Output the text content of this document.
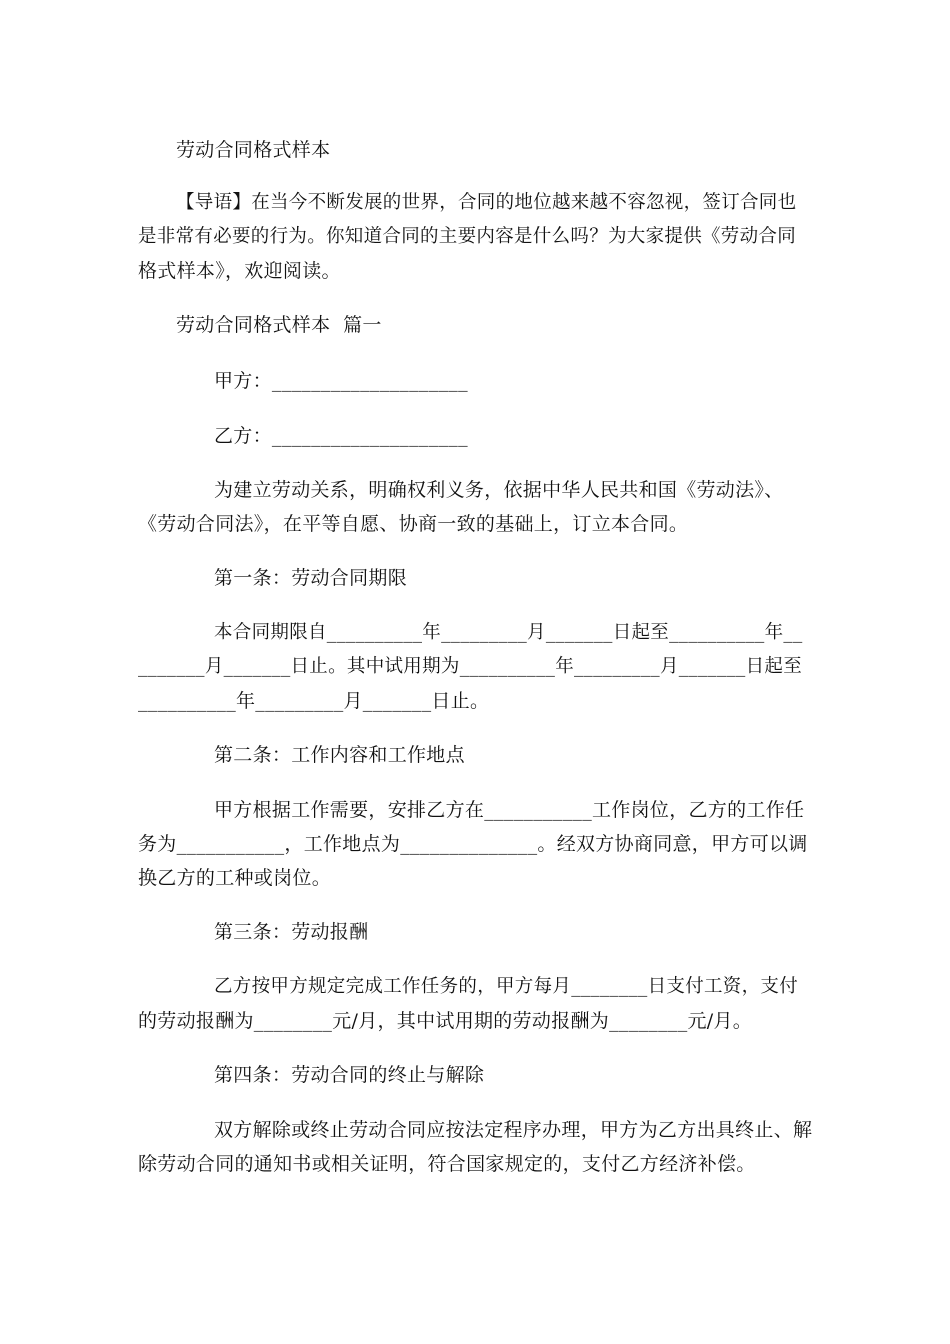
劳动合同格式样本
【导语】在当今不断发展的世界，合同的地位越来越不容忽视，签订合同也
是非常有必要的行为。你知道合同的主要内容是什么吗？为大家提供《劳动合同
格式样本》，欢迎阅读。
劳动合同格式样本  篇一
甲方：____________________
乙方：____________________
为建立劳动关系，明确权利义务，依据中华人民共和国《劳动法》、
《劳动合同法》，在平等自愿、协商一致的基础上，订立本合同。
第一条：劳动合同期限
本合同期限自__________年_________月_______日起至__________年__
_______月_______日止。其中试用期为__________年_________月_______日起至
__________年_________月_______日止。
第二条：工作内容和工作地点
甲方根据工作需要，安排乙方在___________工作岗位，乙方的工作任
务为___________，工作地点为______________。经双方协商同意，甲方可以调
换乙方的工种或岗位。
第三条：劳动报酬
乙方按甲方规定完成工作任务的，甲方每月________日支付工资，支付
的劳动报酬为________元/月，其中试用期的劳动报酬为________元/月。
第四条：劳动合同的终止与解除
双方解除或终止劳动合同应按法定程序办理，甲方为乙方出具终止、解
除劳动合同的通知书或相关证明，符合国家规定的，支付乙方经济补偿。
